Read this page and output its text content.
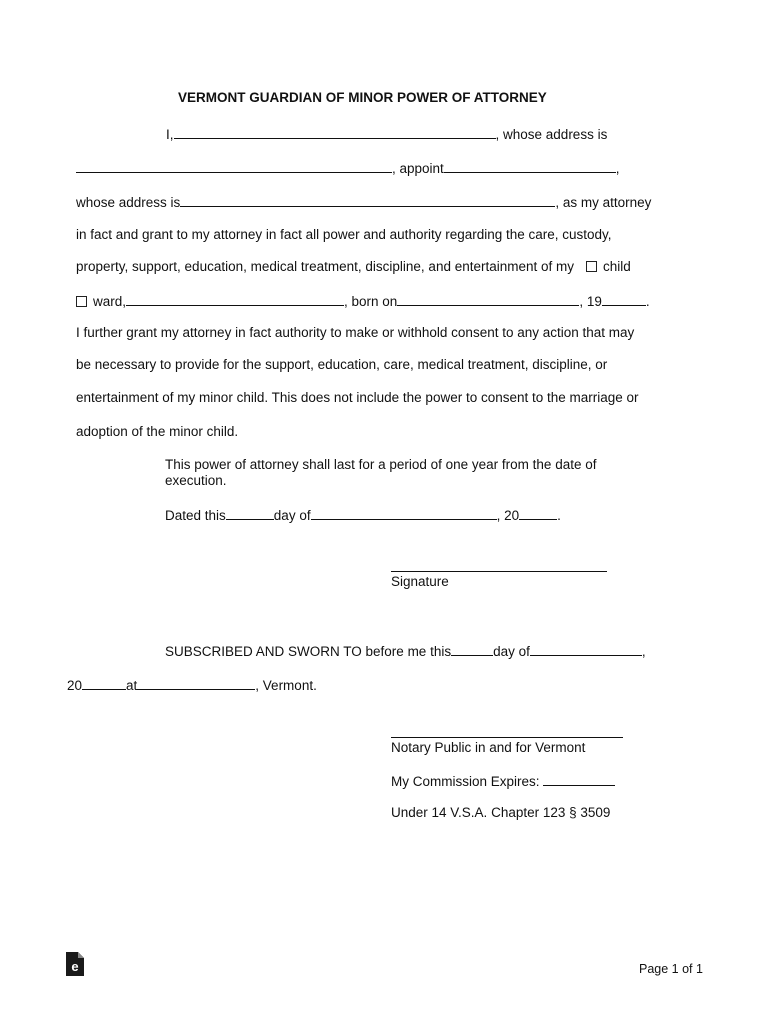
VERMONT GUARDIAN OF MINOR POWER OF ATTORNEY
I,	, whose address is
, appoint	,
whose address is	, as my attorney
in fact and grant to my attorney in fact all power and authority regarding the care, custody,
property, support, education, medical treatment, discipline, and entertainment of my child
ward,	, born on	, 19	.
I further grant my attorney in fact authority to make or withhold consent to any action that may
be necessary to provide for the support, education, care, medical treatment, discipline, or
entertainment of my minor child. This does not include the power to consent to the marriage or
adoption of the minor child.
This power of attorney shall last for a period of one year from the date of
execution.
Dated this	day of	, 20	.
Signature
SUBSCRIBED AND SWORN TO before me this	day of	,
20	at	, Vermont.
Notary Public in and for Vermont
My Commission Expires:
Under 14 V.S.A. Chapter 123 § 3509
e	Page 1 of 1
